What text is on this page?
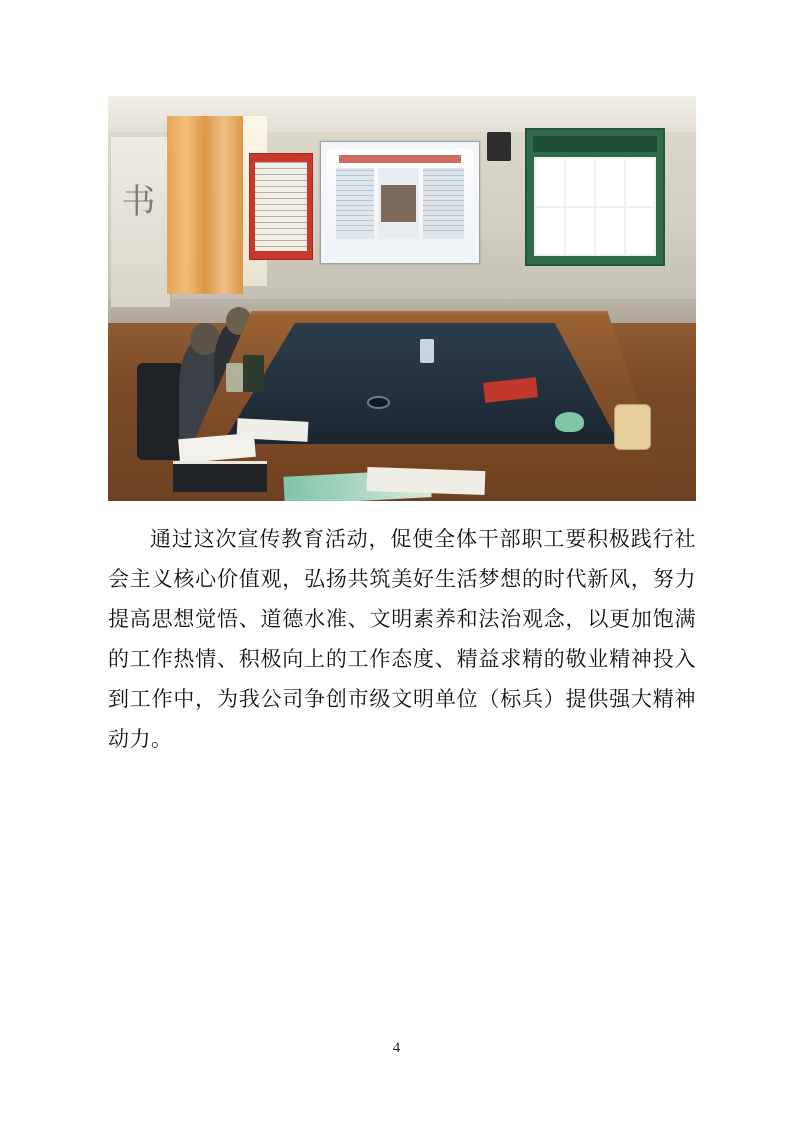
书

通过这次宣传教育活动，促使全体干部职工要积极践行社会主义核心价值观，弘扬共筑美好生活梦想的时代新风，努力提高思想觉悟、道德水准、文明素养和法治观念，以更加饱满的工作热情、积极向上的工作态度、精益求精的敬业精神投入到工作中，为我公司争创市级文明单位（标兵）提供强大精神动力。

4
